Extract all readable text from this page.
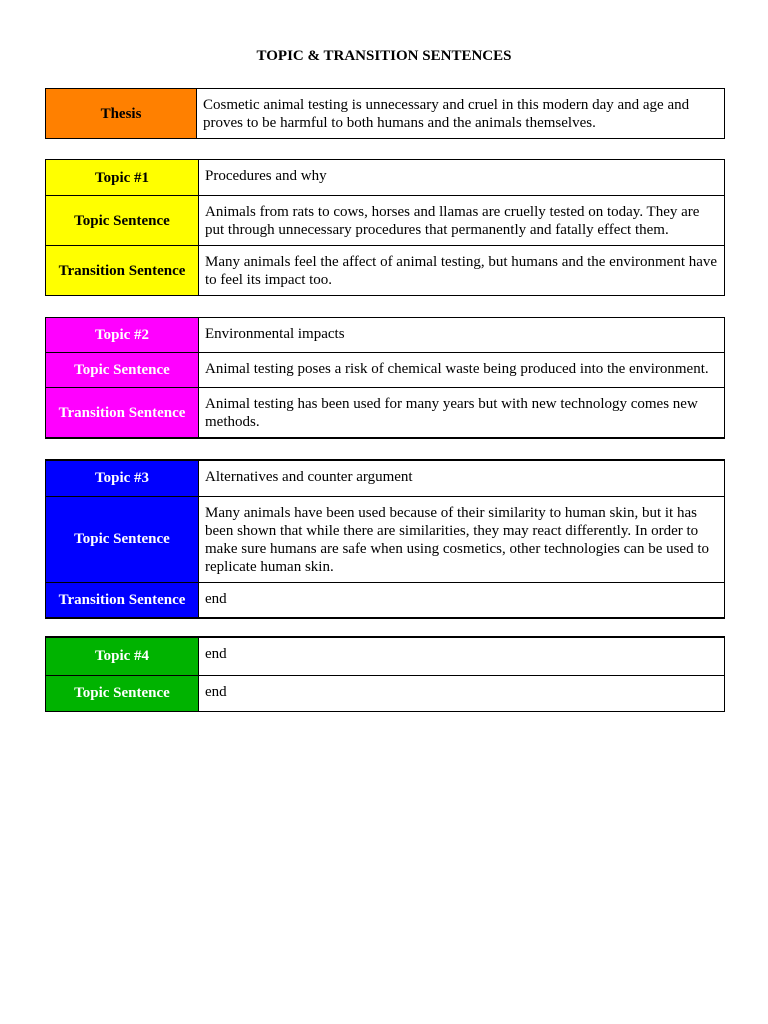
TOPIC & TRANSITION SENTENCES
Thesis	Cosmetic animal testing is unnecessary and cruel in this modern day and age and proves to be harmful to both humans and the animals themselves.
Topic #1	Procedures and why
Topic Sentence	Animals from rats to cows, horses and llamas are cruelly tested on today. They are put through unnecessary procedures that permanently and fatally effect them.
Transition Sentence	Many animals feel the affect of animal testing, but humans and the environment have to feel its impact too.
Topic #2	Environmental impacts
Topic Sentence	Animal testing poses a risk of chemical waste being produced into the environment.
Transition Sentence	Animal testing has been used for many years but with new technology comes new methods.
Topic #3	Alternatives and counter argument
Topic Sentence	Many animals have been used because of their similarity to human skin, but it has been shown that while there are similarities, they may react differently. In order to make sure humans are safe when using cosmetics, other technologies can be used to replicate human skin.
Transition Sentence	end
Topic #4	end
Topic Sentence	end
